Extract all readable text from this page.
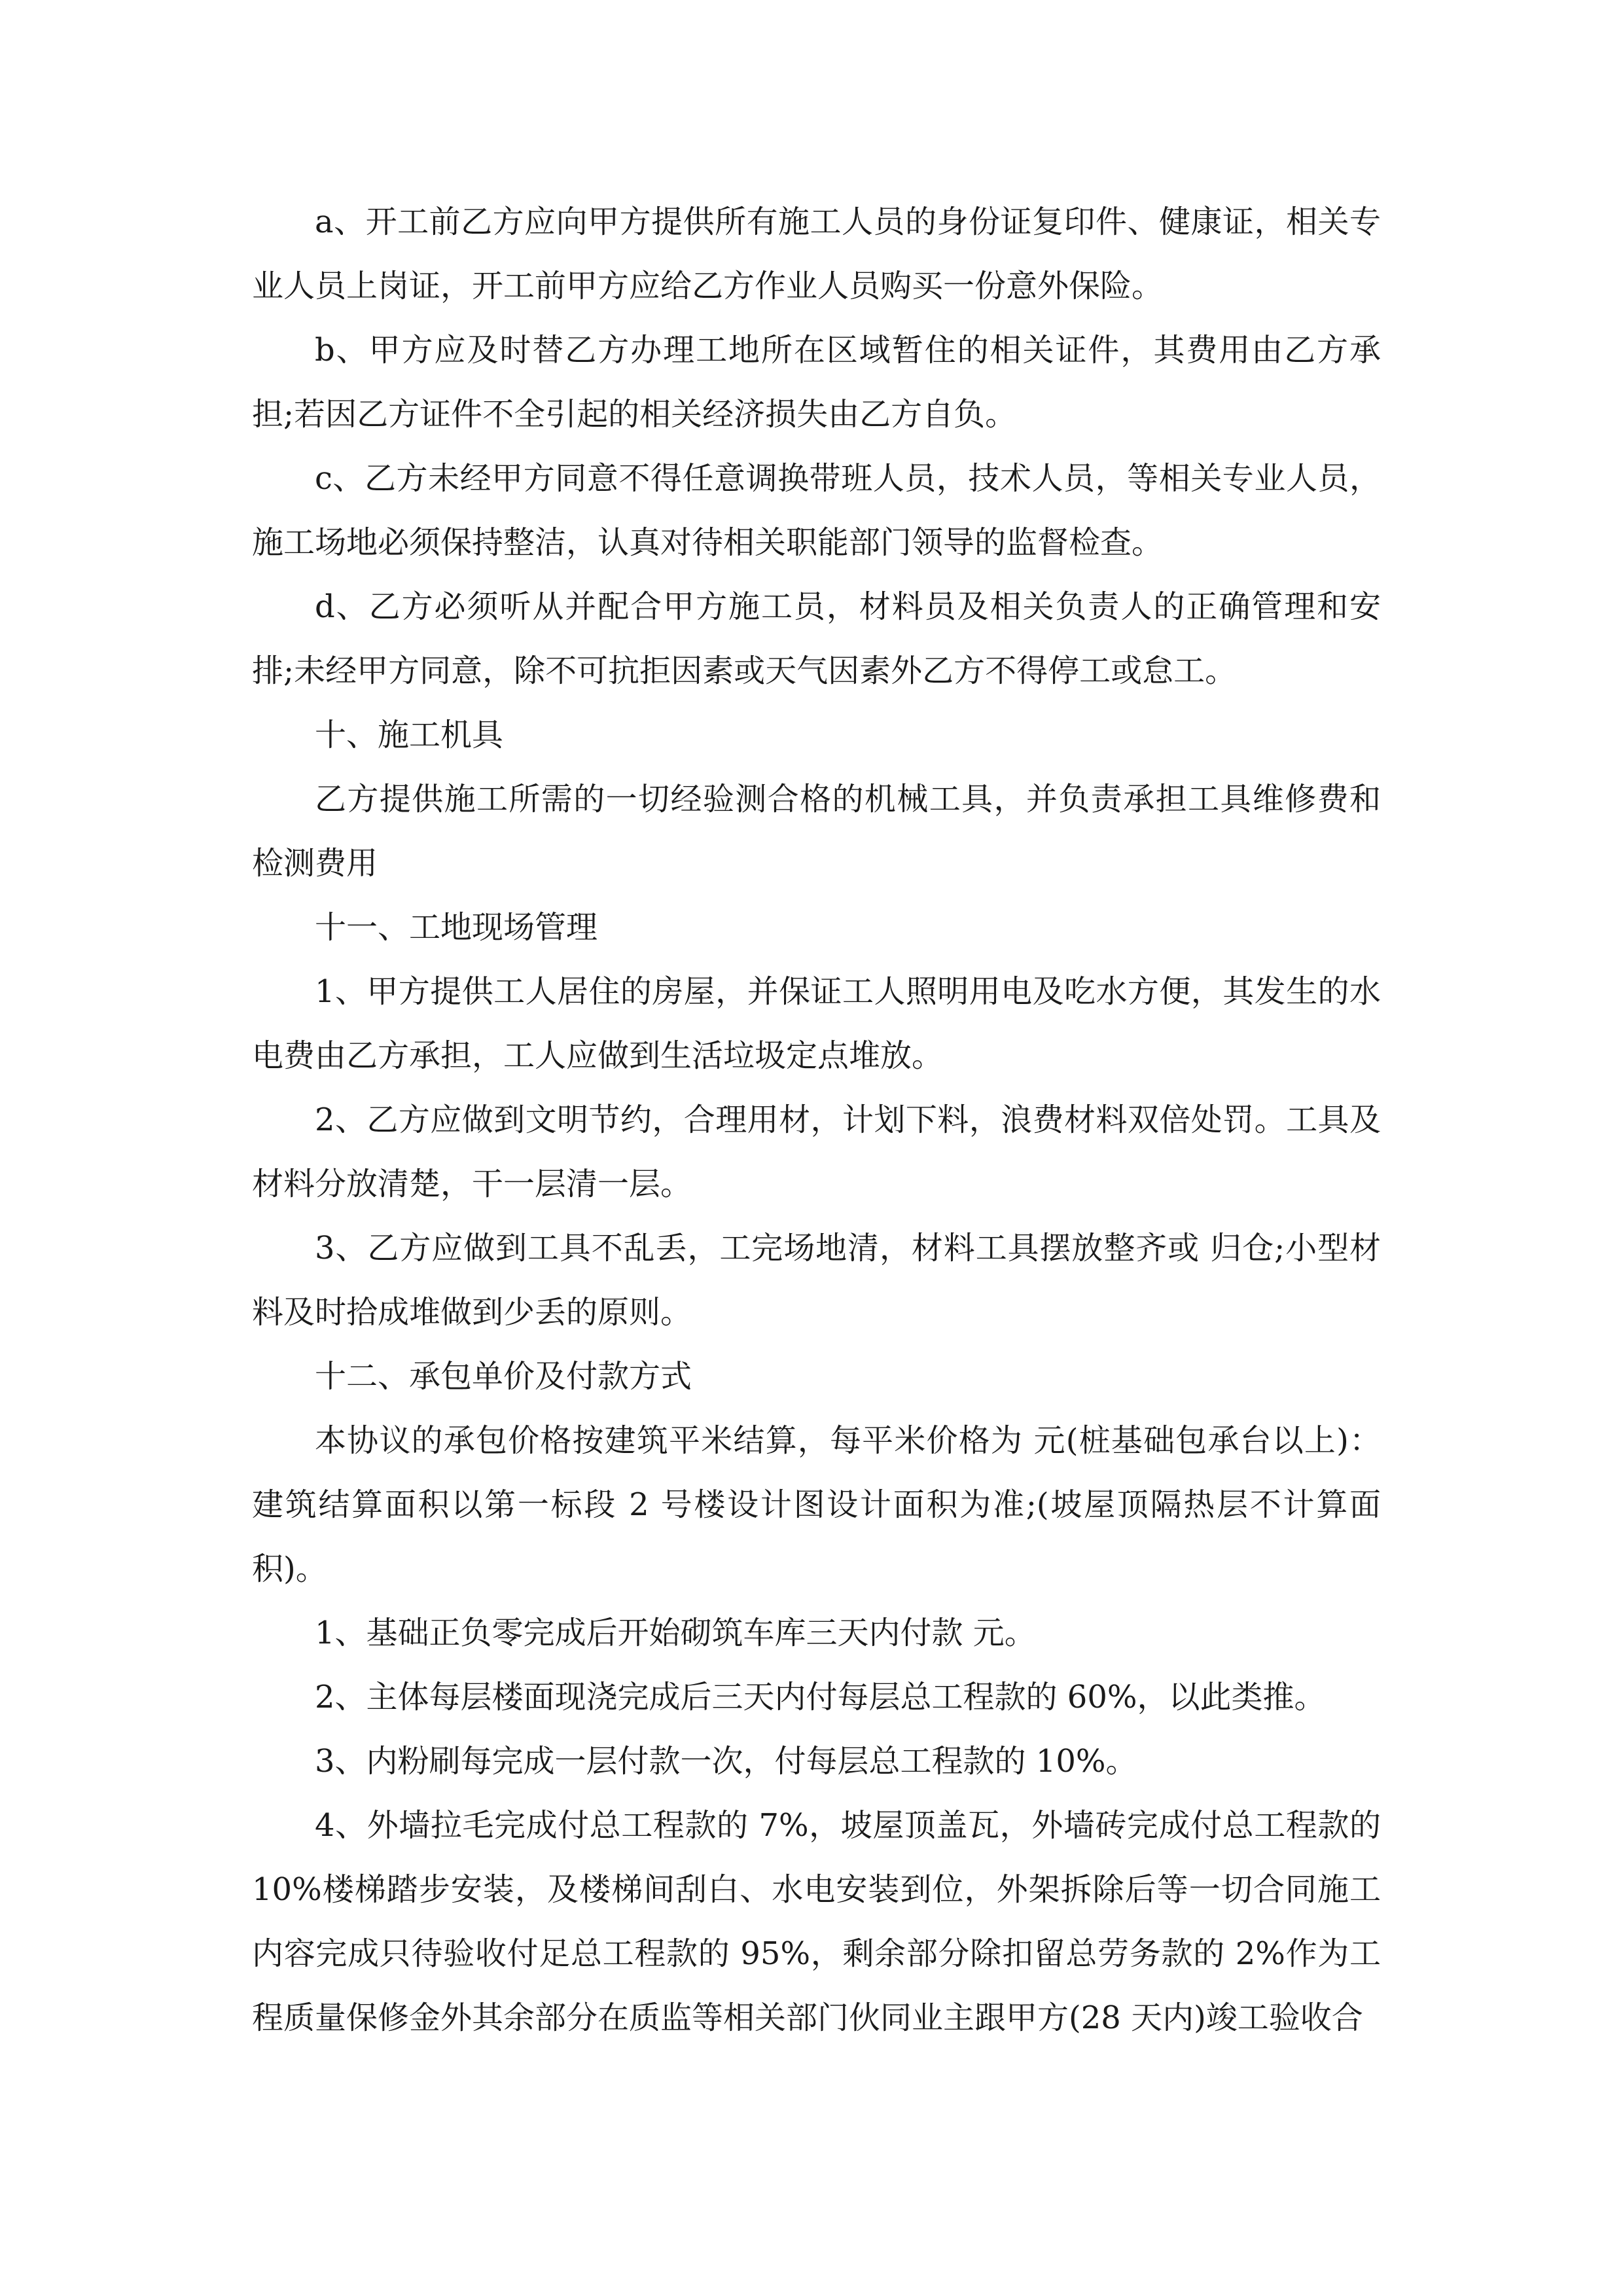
a、开工前乙方应向甲方提供所有施工人员的身份证复印件、健康证，相关专业人员上岗证，开工前甲方应给乙方作业人员购买一份意外保险。

b、甲方应及时替乙方办理工地所在区域暂住的相关证件，其费用由乙方承担;若因乙方证件不全引起的相关经济损失由乙方自负。

c、乙方未经甲方同意不得任意调换带班人员，技术人员，等相关专业人员，施工场地必须保持整洁，认真对待相关职能部门领导的监督检查。

d、乙方必须听从并配合甲方施工员，材料员及相关负责人的正确管理和安排;未经甲方同意，除不可抗拒因素或天气因素外乙方不得停工或怠工。

十、施工机具

乙方提供施工所需的一切经验测合格的机械工具，并负责承担工具维修费和检测费用

十一、工地现场管理

1、甲方提供工人居住的房屋，并保证工人照明用电及吃水方便，其发生的水电费由乙方承担，工人应做到生活垃圾定点堆放。

2、乙方应做到文明节约，合理用材，计划下料，浪费材料双倍处罚。工具及材料分放清楚，干一层清一层。

3、乙方应做到工具不乱丢，工完场地清，材料工具摆放整齐或 归仓;小型材料及时拾成堆做到少丢的原则。

十二、承包单价及付款方式

本协议的承包价格按建筑平米结算，每平米价格为 元(桩基础包承台以上)：建筑结算面积以第一标段 2 号楼设计图设计面积为准;(坡屋顶隔热层不计算面积)。

1、基础正负零完成后开始砌筑车库三天内付款 元。

2、主体每层楼面现浇完成后三天内付每层总工程款的 60%，以此类推。

3、内粉刷每完成一层付款一次，付每层总工程款的 10%。

4、外墙拉毛完成付总工程款的 7%，坡屋顶盖瓦，外墙砖完成付总工程款的 10%楼梯踏步安装，及楼梯间刮白、水电安装到位，外架拆除后等一切合同施工内容完成只待验收付足总工程款的 95%，剩余部分除扣留总劳务款的 2%作为工程质量保修金外其余部分在质监等相关部门伙同业主跟甲方(28 天内)竣工验收合
